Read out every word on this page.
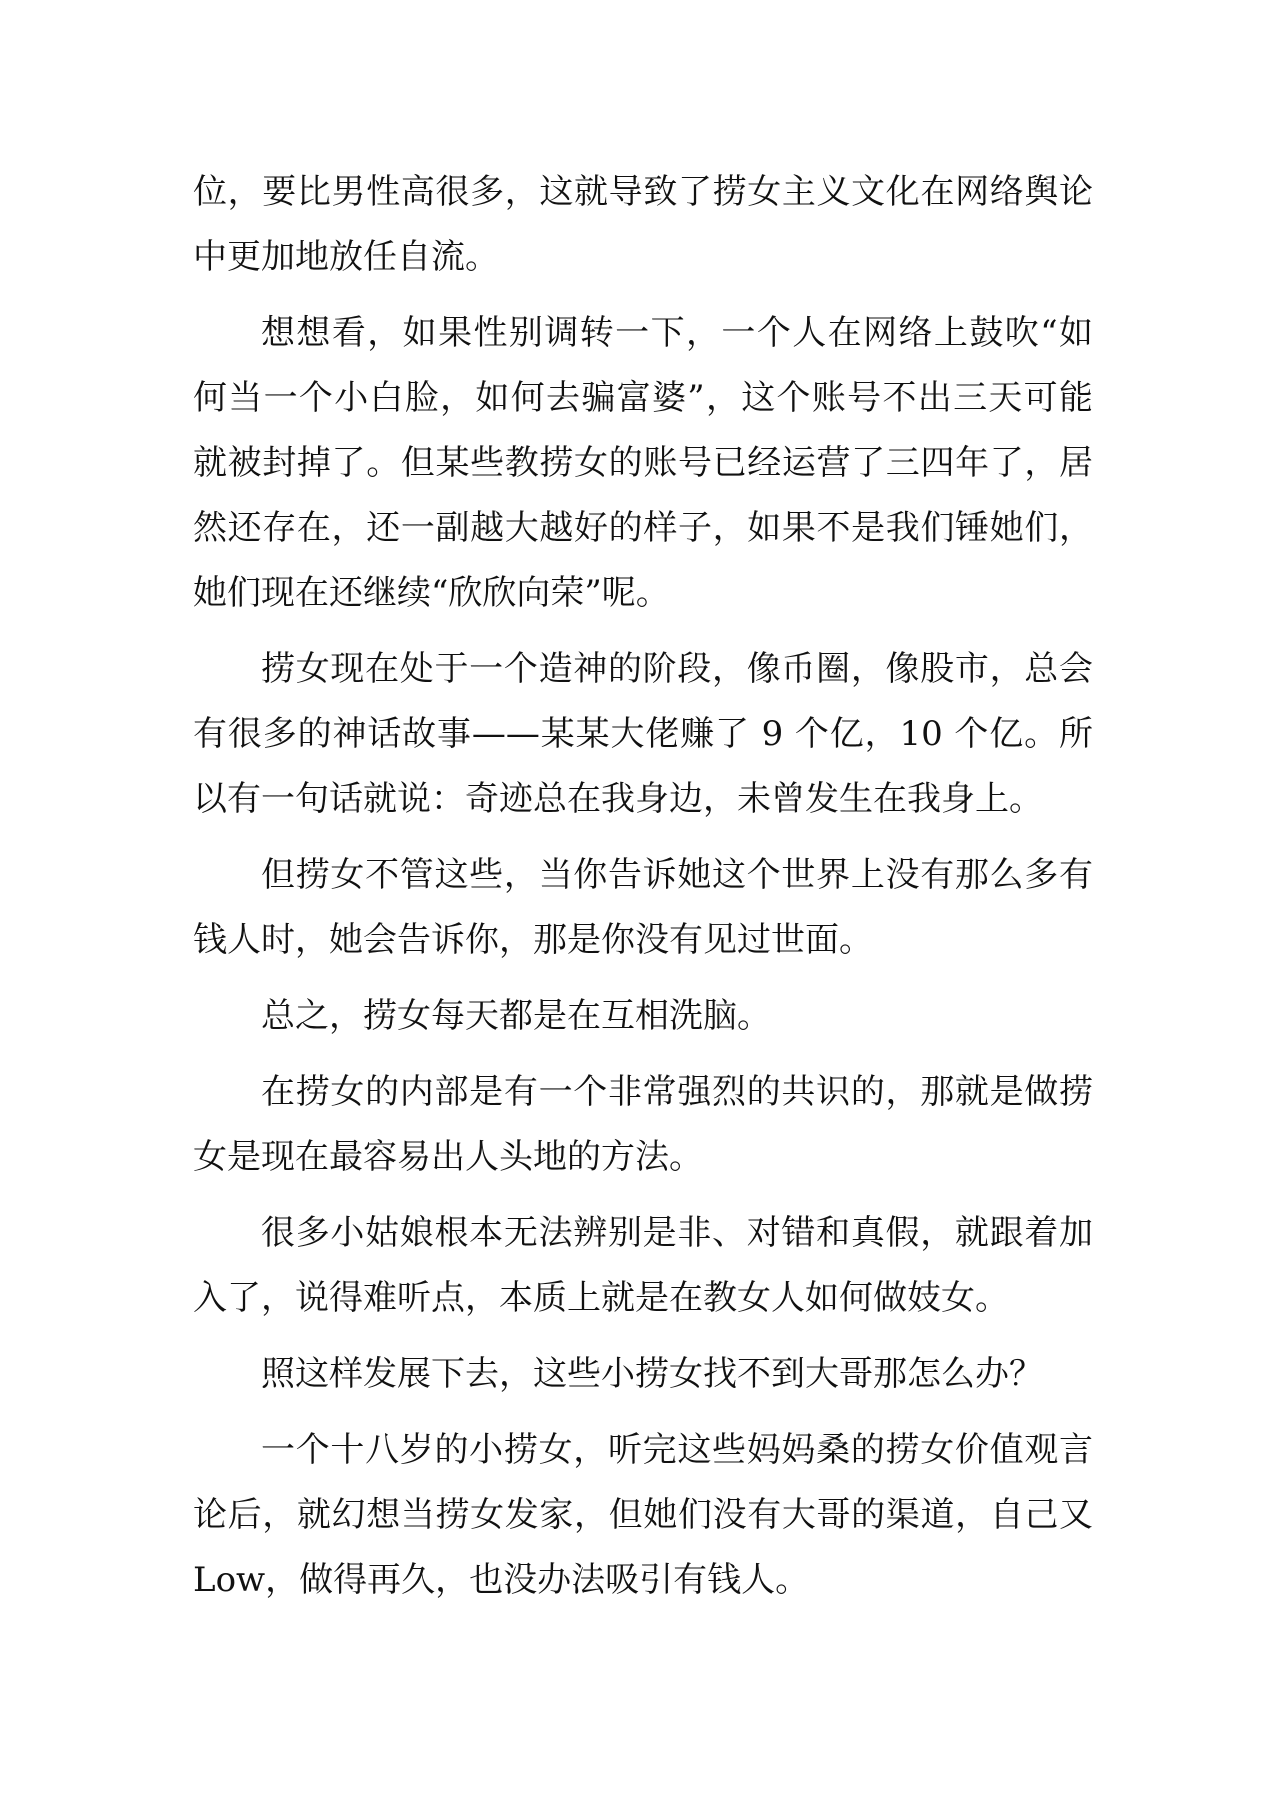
位，要比男性高很多，这就导致了捞女主义文化在网络舆论中更加地放任自流。

想想看，如果性别调转一下，一个人在网络上鼓吹“如何当一个小白脸，如何去骗富婆”，这个账号不出三天可能就被封掉了。但某些教捞女的账号已经运营了三四年了，居然还存在，还一副越大越好的样子，如果不是我们锤她们，她们现在还继续“欣欣向荣”呢。

捞女现在处于一个造神的阶段，像币圈，像股市，总会有很多的神话故事——某某大佬赚了 9 个亿，10 个亿。所以有一句话就说：奇迹总在我身边，未曾发生在我身上。

但捞女不管这些，当你告诉她这个世界上没有那么多有钱人时，她会告诉你，那是你没有见过世面。

总之，捞女每天都是在互相洗脑。

在捞女的内部是有一个非常强烈的共识的，那就是做捞女是现在最容易出人头地的方法。

很多小姑娘根本无法辨别是非、对错和真假，就跟着加入了，说得难听点，本质上就是在教女人如何做妓女。

照这样发展下去，这些小捞女找不到大哥那怎么办？

一个十八岁的小捞女，听完这些妈妈桑的捞女价值观言论后，就幻想当捞女发家，但她们没有大哥的渠道，自己又 Low，做得再久，也没办法吸引有钱人。
